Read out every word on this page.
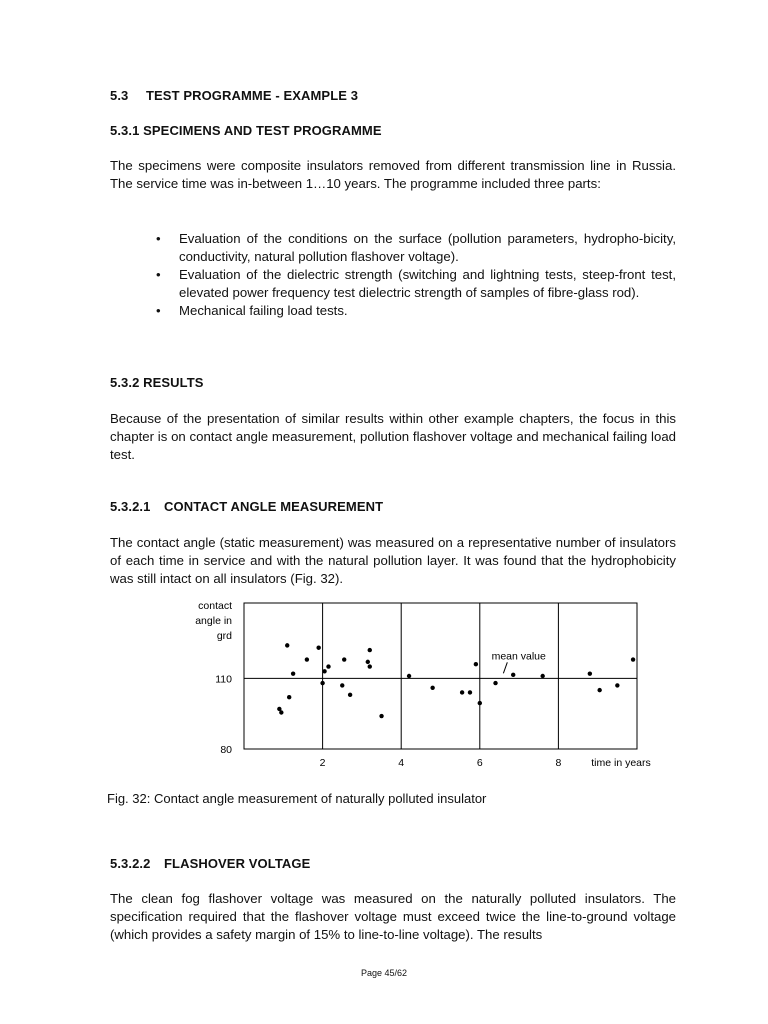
5.3 TEST PROGRAMME - EXAMPLE 3
5.3.1 SPECIMENS AND TEST PROGRAMME

The specimens were composite insulators removed from different transmission line in Russia. The service time was in-between 1…10 years. The programme included three parts:

• Evaluation of the conditions on the surface (pollution parameters, hydropho-bicity, conductivity, natural pollution flashover voltage).
• Evaluation of the dielectric strength (switching and lightning tests, steep-front test, elevated power frequency test dielectric strength of samples of fibre-glass rod).
• Mechanical failing load tests.
5.3.2 RESULTS

Because of the presentation of similar results within other example chapters, the focus in this chapter is on contact angle measurement, pollution flashover voltage and mechanical failing load test.

5.3.2.1 CONTACT ANGLE MEASUREMENT

The contact angle (static measurement) was measured on a representative number of insulators of each time in service and with the natural pollution layer. It was found that the hydrophobicity was still intact on all insulators (Fig. 32).

2	4	6	8
80
110
contact
angle in
grd
time in years
mean value
Fig. 32: Contact angle measurement of naturally polluted insulator
5.3.2.2 FLASHOVER VOLTAGE

The clean fog flashover voltage was measured on the naturally polluted insulators. The specification required that the flashover voltage must exceed twice the line-to-ground voltage (which provides a safety margin of 15% to line-to-line voltage). The results

Page 45/62
